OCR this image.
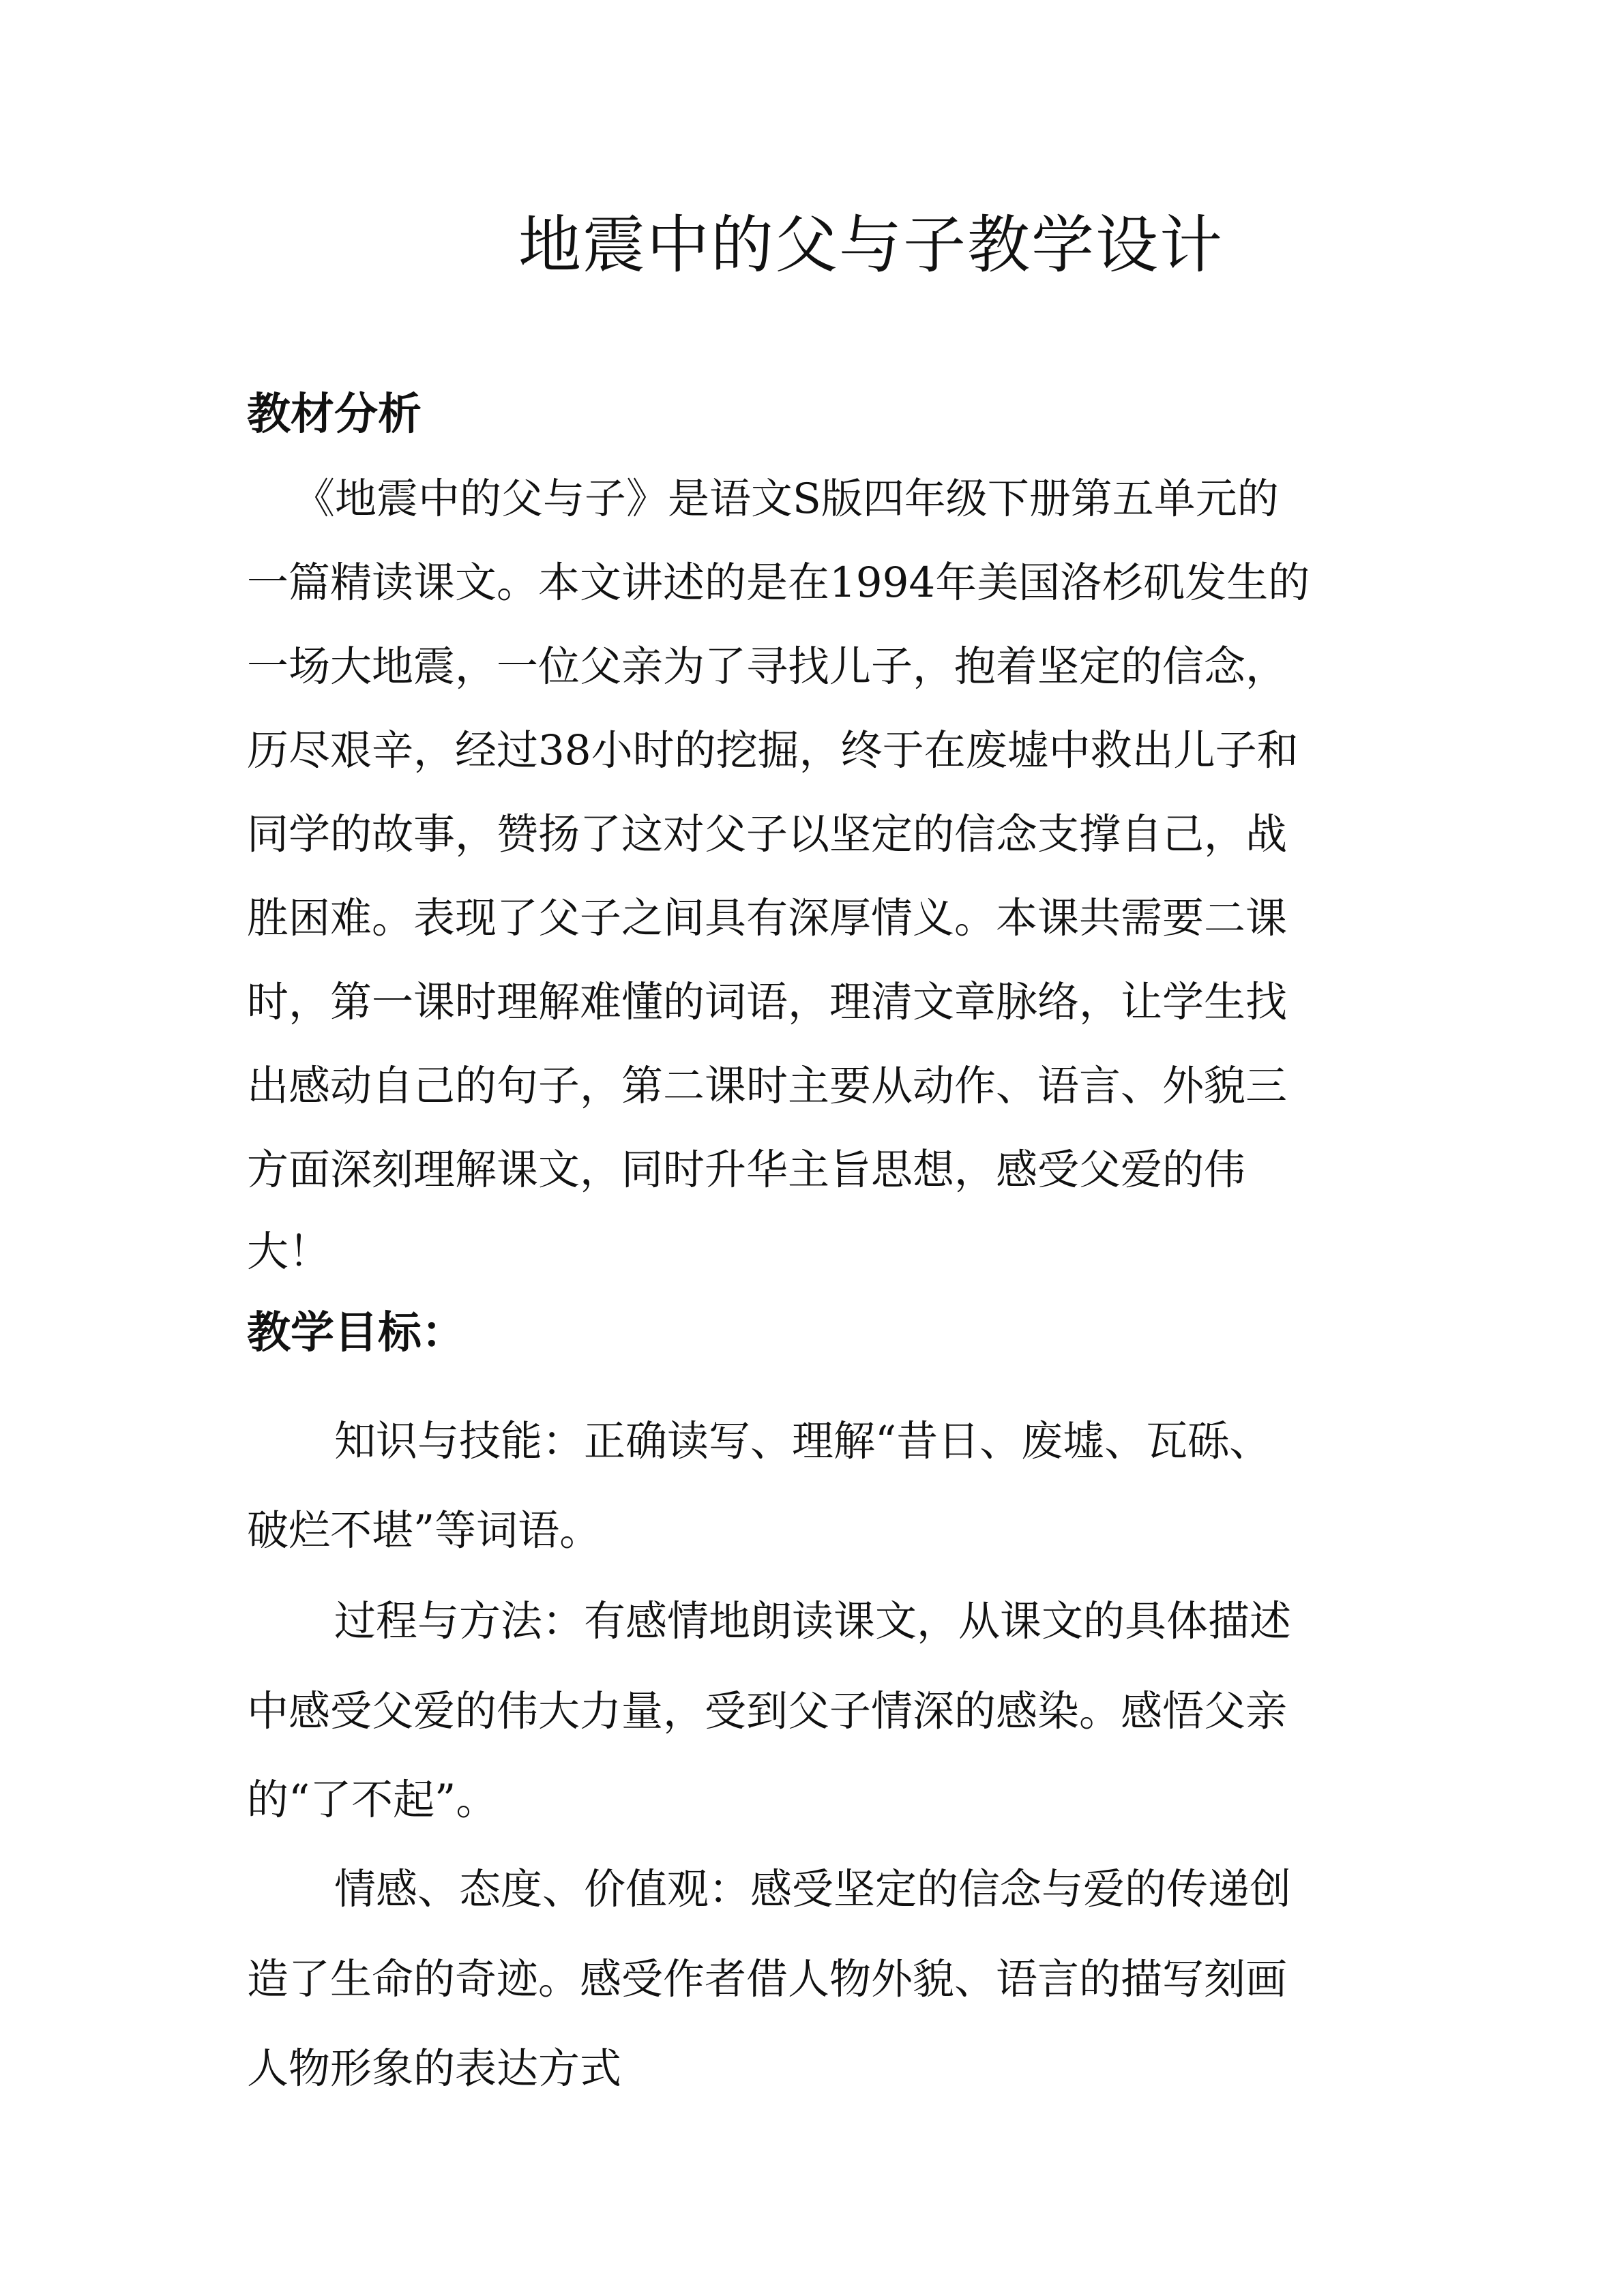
地震中的父与子教学设计
教材分析
《地震中的父与子》是语文S版四年级下册第五单元的
一篇精读课文。本文讲述的是在1994年美国洛杉矶发生的
一场大地震，一位父亲为了寻找儿子，抱着坚定的信念，
历尽艰辛，经过38小时的挖掘，终于在废墟中救出儿子和
同学的故事，赞扬了这对父子以坚定的信念支撑自己，战
胜困难。表现了父子之间具有深厚情义。本课共需要二课
时，第一课时理解难懂的词语，理清文章脉络，让学生找
出感动自己的句子，第二课时主要从动作、语言、外貌三
方面深刻理解课文，同时升华主旨思想，感受父爱的伟
大！
教学目标：
知识与技能：正确读写、理解“昔日、废墟、瓦砾、
破烂不堪”等词语。
过程与方法：有感情地朗读课文，从课文的具体描述
中感受父爱的伟大力量，受到父子情深的感染。感悟父亲
的“了不起”。
情感、态度、价值观：感受坚定的信念与爱的传递创
造了生命的奇迹。感受作者借人物外貌、语言的描写刻画
人物形象的表达方式
